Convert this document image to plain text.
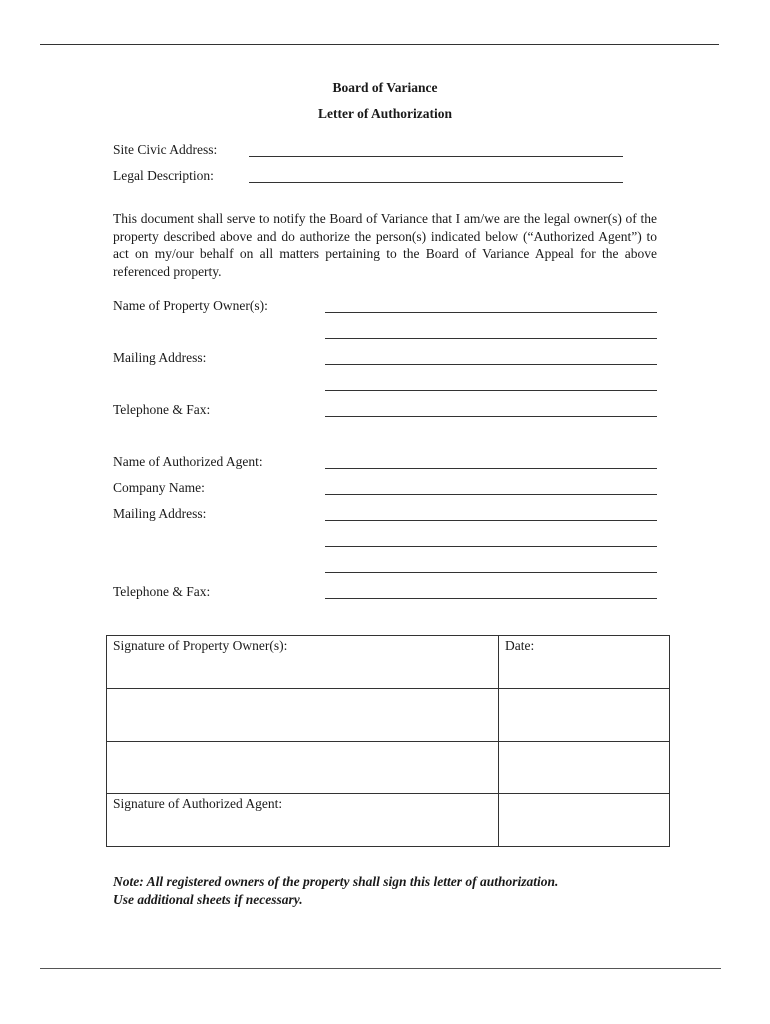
Board of Variance
Letter of Authorization
Site Civic Address:
Legal Description:
This document shall serve to notify the Board of Variance that I am/we are the legal owner(s) of the property described above and do authorize the person(s) indicated below (“Authorized Agent”) to act on my/our behalf on all matters pertaining to the Board of Variance Appeal for the above referenced property.
Name of Property Owner(s):
Mailing Address:
Telephone & Fax:
Name of Authorized Agent:
Company Name:
Mailing Address:
Telephone & Fax:
Signature of Property Owner(s):	Date:

Signature of Authorized Agent:	
Note: All registered owners of the property shall sign this letter of authorization.
Use additional sheets if necessary.
